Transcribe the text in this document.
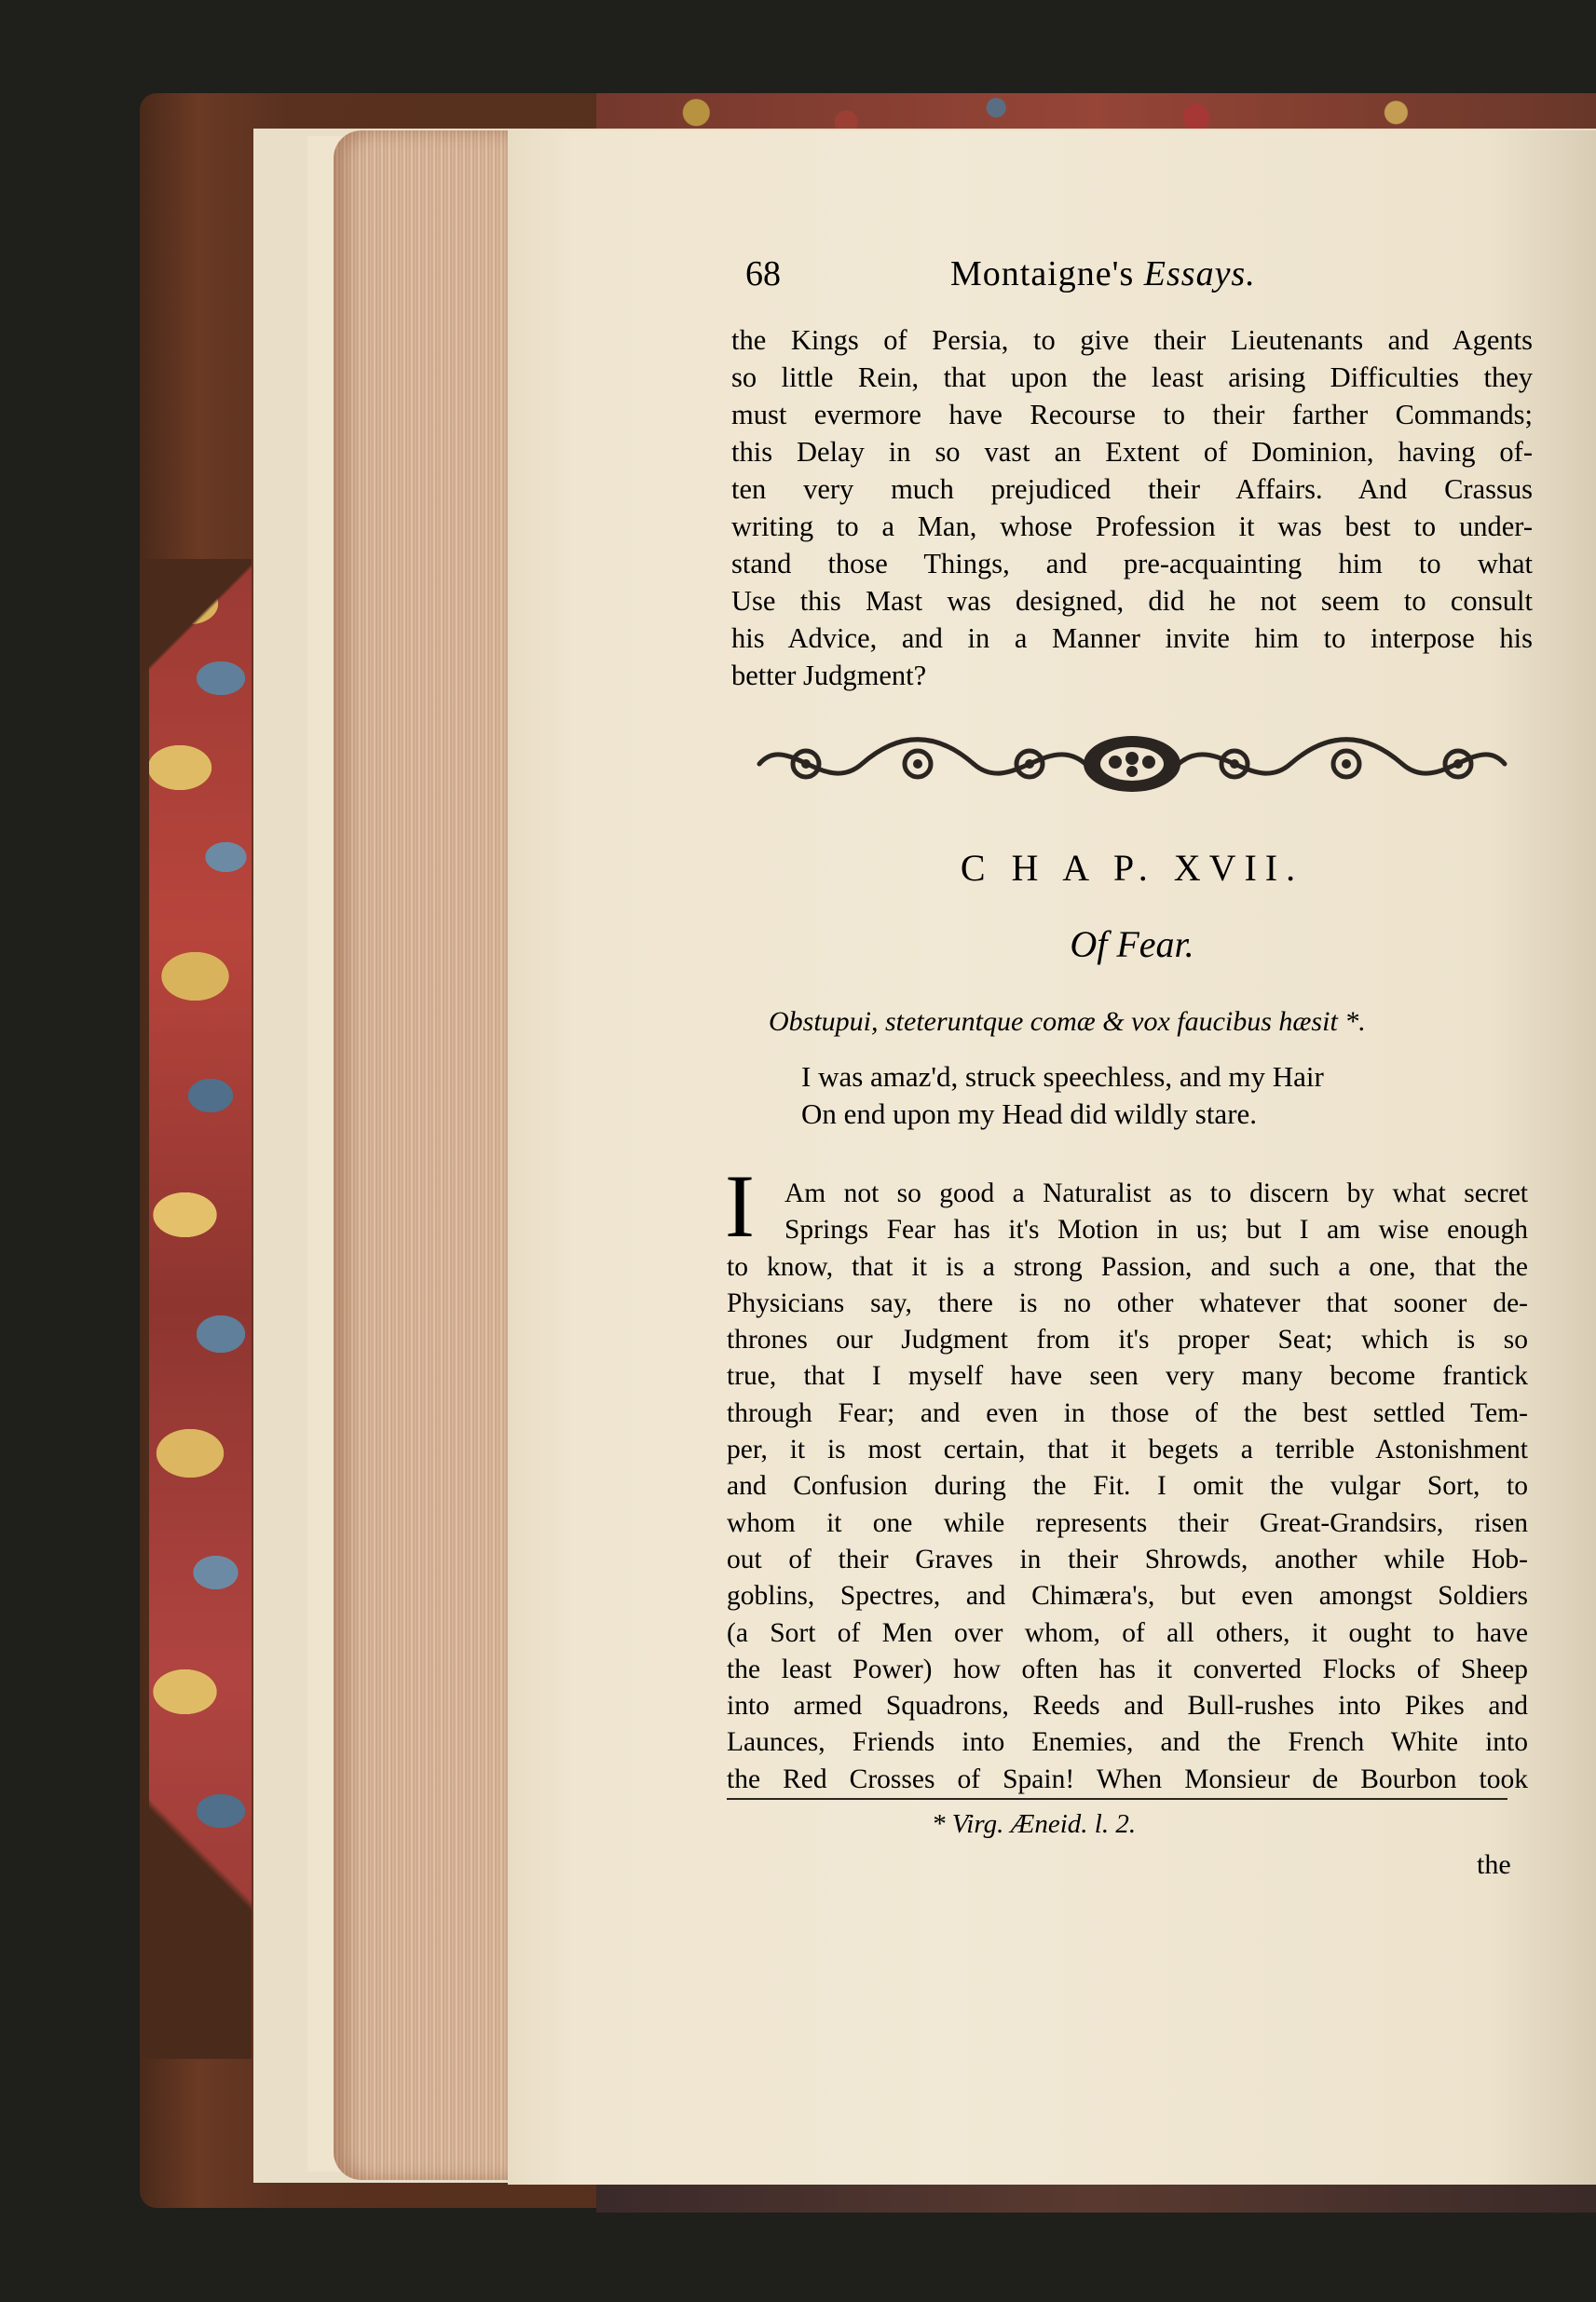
68	Montaigne's Essays.
the Kings of Persia, to give their Lieutenants and Agents
so little Rein, that upon the least arising Difficulties they
must evermore have Recourse to their farther Commands;
this Delay in so vast an Extent of Dominion, having of-
ten very much prejudiced their Affairs. And Crassus
writing to a Man, whose Profession it was best to under-
stand those Things, and pre-acquainting him to what
Use this Mast was designed, did he not seem to consult
his Advice, and in a Manner invite him to interpose his
better Judgment?
C H A P. XVII.
Of Fear.
Obstupui, steteruntque comæ & vox faucibus hæsit *.
I was amaz'd, struck speechless, and my Hair
On end upon my Head did wildly stare.
I	Am not so good a Naturalist as to discern by what secret
Springs Fear has it's Motion in us; but I am wise enough
to know, that it is a strong Passion, and such a one, that the
Physicians say, there is no other whatever that sooner de-
thrones our Judgment from it's proper Seat; which is so
true, that I myself have seen very many become frantick
through Fear; and even in those of the best settled Tem-
per, it is most certain, that it begets a terrible Astonishment
and Confusion during the Fit. I omit the vulgar Sort, to
whom it one while represents their Great-Grandsirs, risen
out of their Graves in their Shrowds, another while Hob-
goblins, Spectres, and Chimæra's, but even amongst Soldiers
(a Sort of Men over whom, of all others, it ought to have
the least Power) how often has it converted Flocks of Sheep
into armed Squadrons, Reeds and Bull-rushes into Pikes and
Launces, Friends into Enemies, and the French White into
the Red Crosses of Spain! When Monsieur de Bourbon took
* Virg. Æneid. l. 2.
the
